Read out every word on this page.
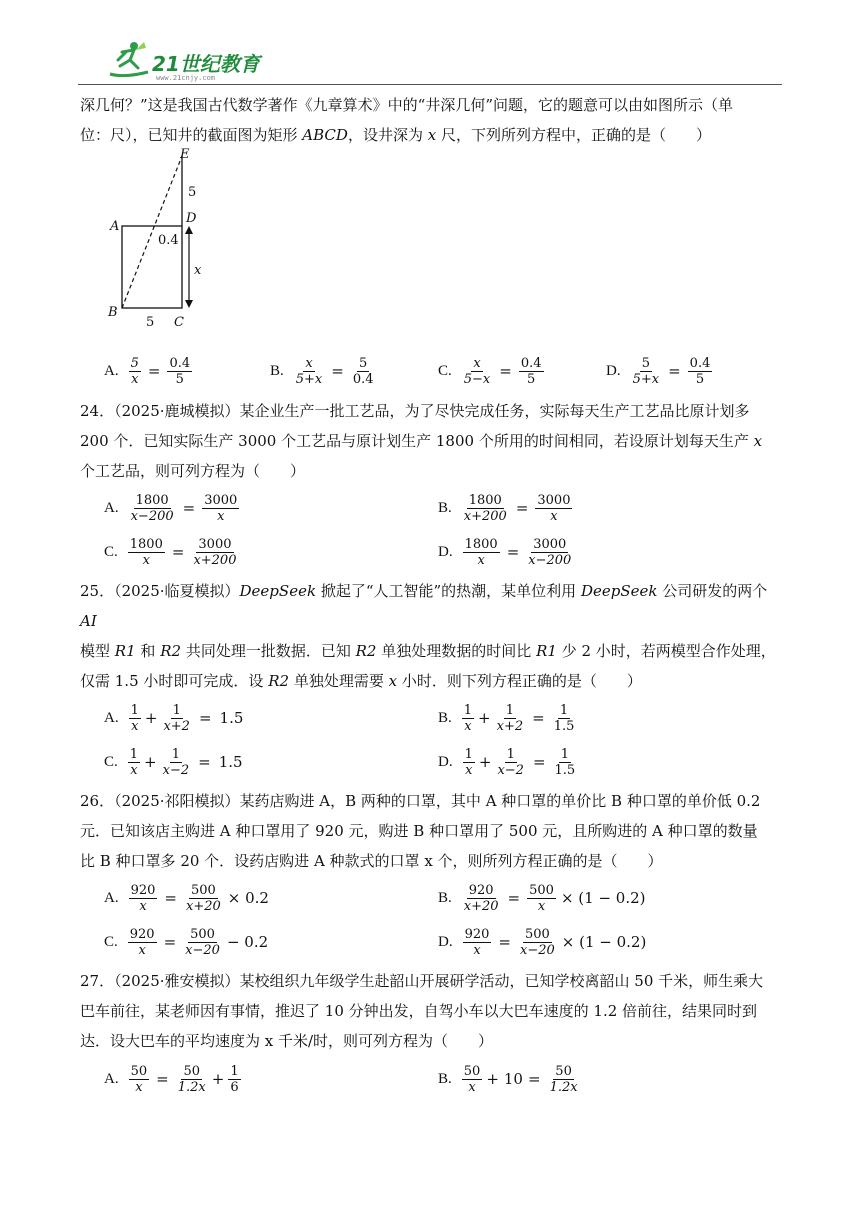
21世纪教育
www.21cnjy.com

深几何？”这是我国古代数学著作《九章算术》中的“井深几何”问题，它的题意可以由如图所示（单

位：尺），已知井的截面图为矩形 ABCD，设井深为 x 尺，下列所列方程中，正确的是（　　）

E
5
A
D
0.4
x
B
5 C
A. $\frac{5}{x} = \frac{0.4}{5}$	B. $\frac{x}{5+x} = \frac{5}{0.4}$	C. $\frac{x}{5-x} = \frac{0.4}{5}$	D. $\frac{5}{5+x} = \frac{0.4}{5}$

24．（2025·鹿城模拟）某企业生产一批工艺品，为了尽快完成任务，实际每天生产工艺品比原计划多

200 个．已知实际生产 3000 个工艺品与原计划生产 1800 个所用的时间相同，若设原计划每天生产 x

个工艺品，则可列方程为（　　）

A. $\frac{1800}{x-200} = \frac{3000}{x}$	B. $\frac{1800}{x+200} = \frac{3000}{x}$
C. $\frac{1800}{x} = \frac{3000}{x+200}$	D. $\frac{1800}{x} = \frac{3000}{x-200}$

25．（2025·临夏模拟）DeepSeek 掀起了“人工智能”的热潮，某单位利用 DeepSeek 公司研发的两个 AI

模型 R1 和 R2 共同处理一批数据．已知 R2 单独处理数据的时间比 R1 少 2 小时，若两模型合作处理，

仅需 1.5 小时即可完成．设 R2 单独处理需要 x 小时．则下列方程正确的是（　　）

A. $\frac{1}{x} + \frac{1}{x+2} = 1.5$	B. $\frac{1}{x} + \frac{1}{x+2} = \frac{1}{1.5}$
C. $\frac{1}{x} + \frac{1}{x-2} = 1.5$	D. $\frac{1}{x} + \frac{1}{x-2} = \frac{1}{1.5}$

26．（2025·祁阳模拟）某药店购进 A，B 两种的口罩，其中 A 种口罩的单价比 B 种口罩的单价低 0.2

元．已知该店主购进 A 种口罩用了 920 元，购进 B 种口罩用了 500 元，且所购进的 A 种口罩的数量

比 B 种口罩多 20 个．设药店购进 A 种款式的口罩 x 个，则所列方程正确的是（　　）

A. $\frac{920}{x} = \frac{500}{x+20} \times 0.2$	B. $\frac{920}{x+20} = \frac{500}{x} \times (1 - 0.2)$
C. $\frac{920}{x} = \frac{500}{x-20} - 0.2$	D. $\frac{920}{x} = \frac{500}{x-20} \times (1 - 0.2)$

27．（2025·雅安模拟）某校组织九年级学生赴韶山开展研学活动，已知学校离韶山 50 千米，师生乘大

巴车前往，某老师因有事情，推迟了 10 分钟出发，自驾小车以大巴车速度的 1.2 倍前往，结果同时到

达．设大巴车的平均速度为 x 千米/时，则可列方程为（　　）

A. $\frac{50}{x} = \frac{50}{1.2x} + \frac{1}{6}$	B. $\frac{50}{x} + 10 = \frac{50}{1.2x}$
